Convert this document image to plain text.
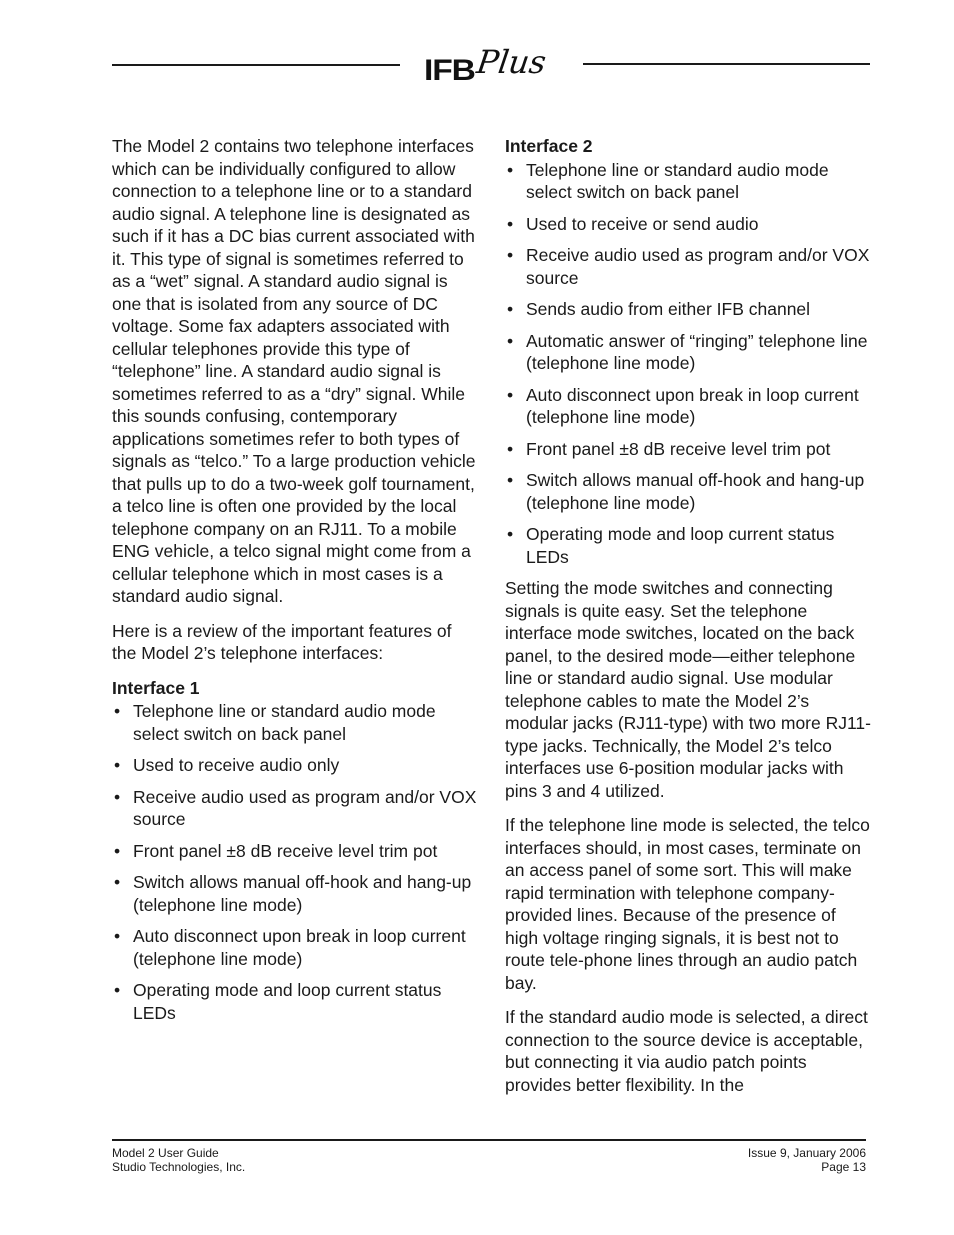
IFB Plus

The Model 2 contains two telephone interfaces which can be individually configured to allow connection to a telephone line or to a standard audio signal. A telephone line is designated as such if it has a DC bias current associated with it. This type of signal is sometimes referred to as a “wet” signal. A standard audio signal is one that is isolated from any source of DC voltage. Some fax adapters associated with cellular telephones provide this type of “telephone” line. A standard audio signal is sometimes referred to as a “dry” signal. While this sounds confusing, contemporary applications sometimes refer to both types of signals as “telco.” To a large production vehicle that pulls up to do a two-week golf tournament, a telco line is often one provided by the local telephone company on an RJ11. To a mobile ENG vehicle, a telco signal might come from a cellular telephone which in most cases is a standard audio signal.

Here is a review of the important features of the Model 2’s telephone interfaces:

Interface 1
• Telephone line or standard audio mode select switch on back panel
• Used to receive audio only
• Receive audio used as program and/or VOX source
• Front panel ±8 dB receive level trim pot
• Switch allows manual off-hook and hang-up (telephone line mode)
• Auto disconnect upon break in loop current (telephone line mode)
• Operating mode and loop current status LEDs
Interface 2
• Telephone line or standard audio mode select switch on back panel
• Used to receive or send audio
• Receive audio used as program and/or VOX source
• Sends audio from either IFB channel
• Automatic answer of “ringing” telephone line (telephone line mode)
• Auto disconnect upon break in loop current (telephone line mode)
• Front panel ±8 dB receive level trim pot
• Switch allows manual off-hook and hang-up (telephone line mode)
• Operating mode and loop current status LEDs

Setting the mode switches and connecting signals is quite easy. Set the telephone interface mode switches, located on the back panel, to the desired mode—either telephone line or standard audio signal. Use modular telephone cables to mate the Model 2’s modular jacks (RJ11-type) with two more RJ11-type jacks. Technically, the Model 2’s telco interfaces use 6-position modular jacks with pins 3 and 4 utilized.

If the telephone line mode is selected, the telco interfaces should, in most cases, terminate on an access panel of some sort. This will make rapid termination with telephone company-provided lines. Because of the presence of high voltage ringing signals, it is best not to route tele-phone lines through an audio patch bay.

If the standard audio mode is selected, a direct connection to the source device is acceptable, but connecting it via audio patch points provides better flexibility. In the

Model 2 User Guide
Studio Technologies, Inc.
Issue 9, January 2006
Page 13
